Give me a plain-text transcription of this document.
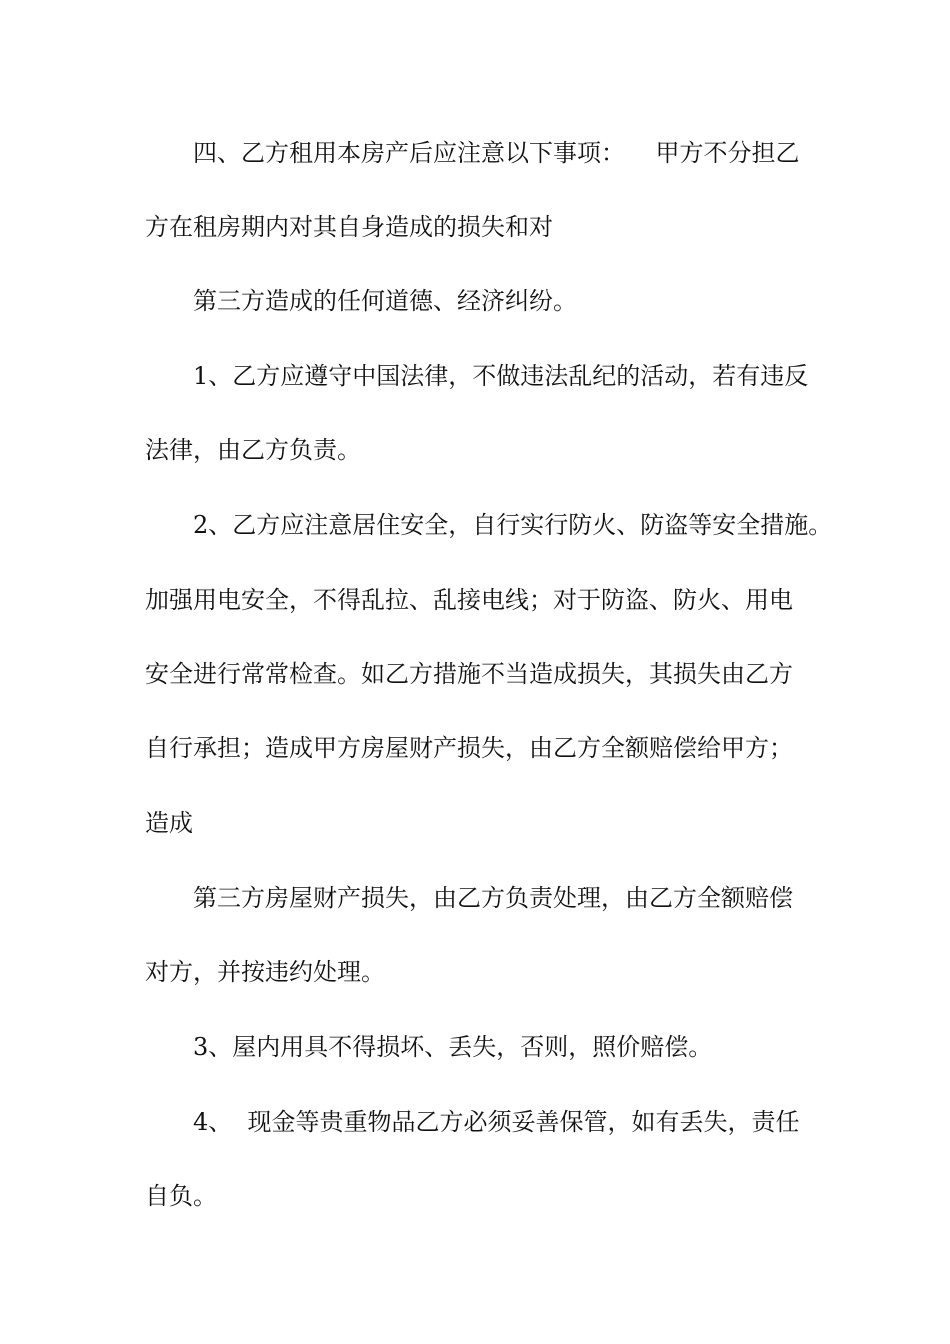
四、乙方租用本房产后应注意以下事项：    甲方不分担乙
方在租房期内对其自身造成的损失和对
第三方造成的任何道德、经济纠纷。
1、乙方应遵守中国法律，不做违法乱纪的活动，若有违反
法律，由乙方负责。
2、乙方应注意居住安全，自行实行防火、防盗等安全措施。
加强用电安全，不得乱拉、乱接电线；对于防盗、防火、用电
安全进行常常检查。如乙方措施不当造成损失，其损失由乙方
自行承担；造成甲方房屋财产损失，由乙方全额赔偿给甲方；
造成
第三方房屋财产损失，由乙方负责处理，由乙方全额赔偿
对方，并按违约处理。
3、屋内用具不得损坏、丢失，否则，照价赔偿。
4、  现金等贵重物品乙方必须妥善保管，如有丢失，责任
自负。
